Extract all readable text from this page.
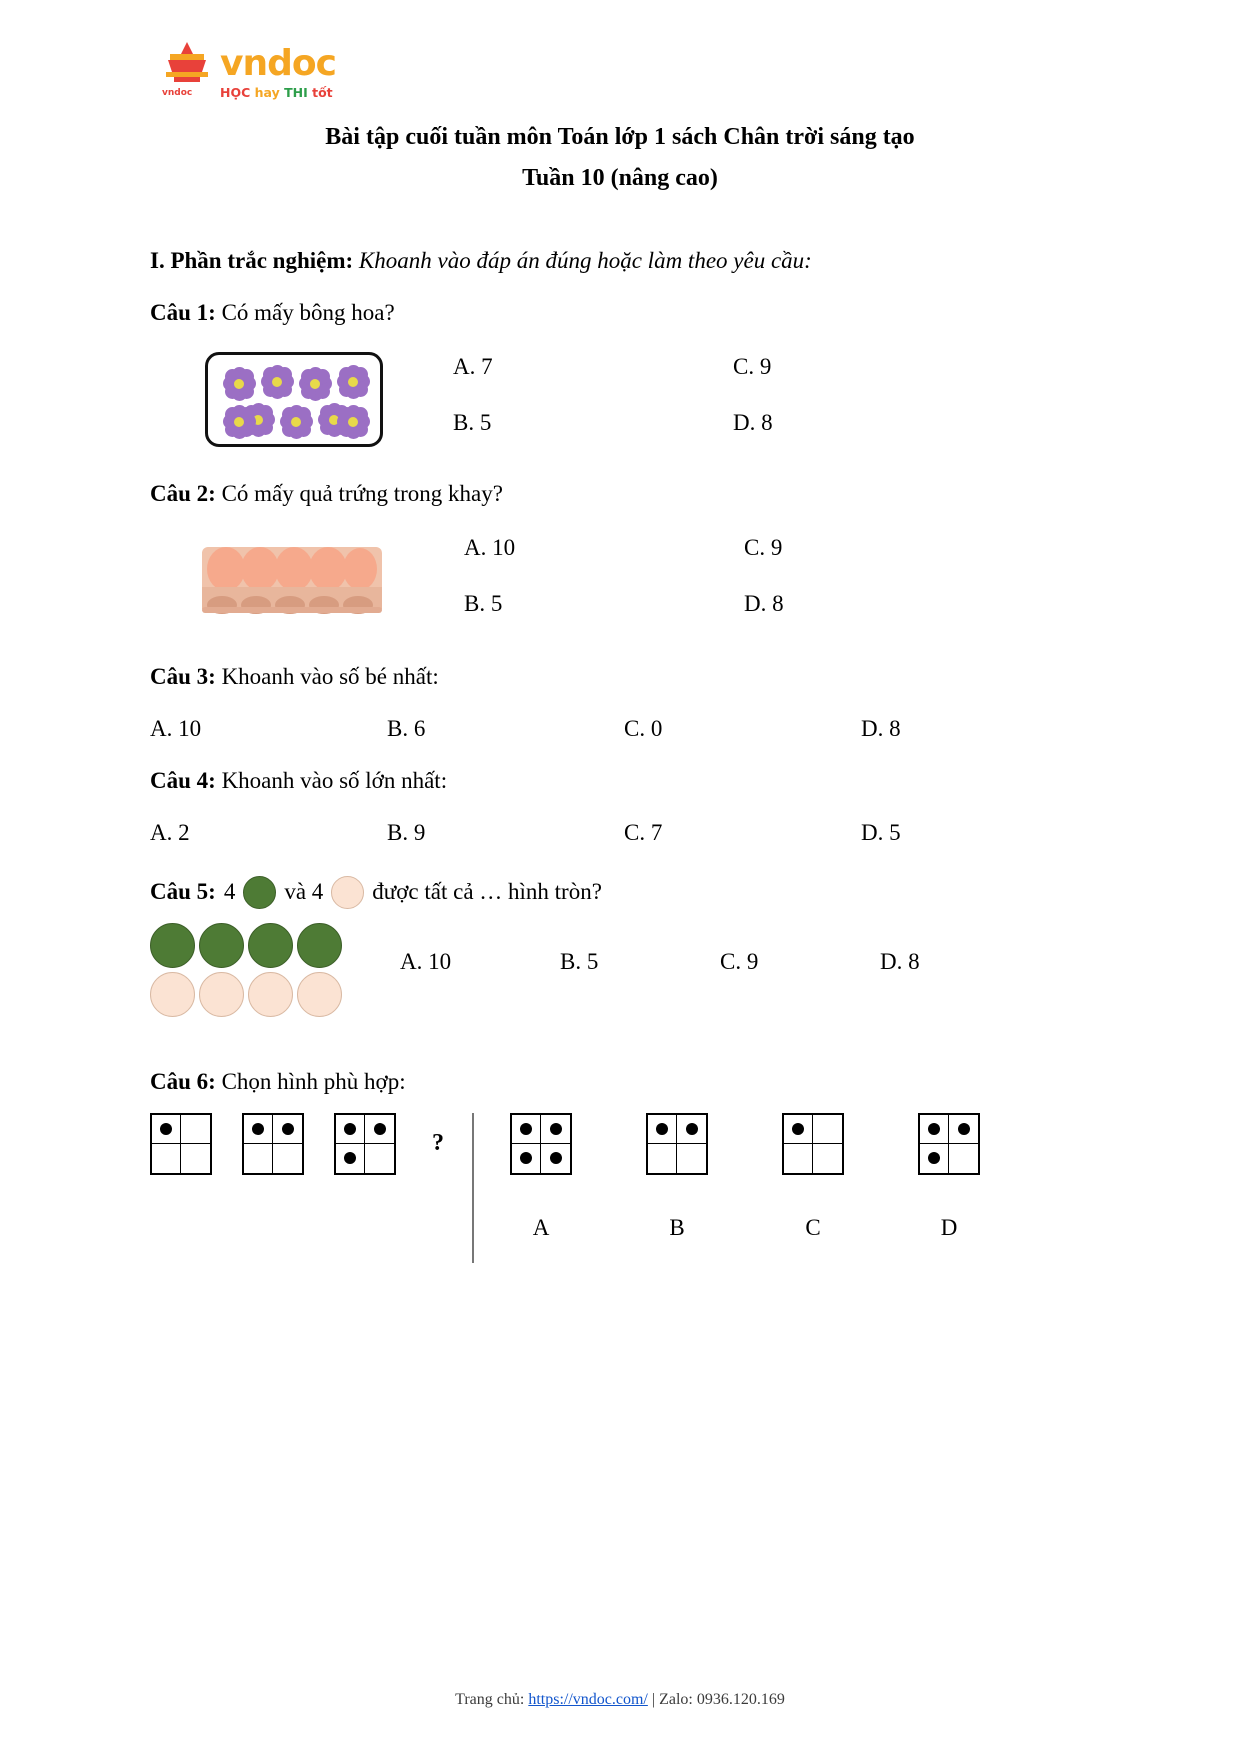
vndoc
vndoc
HỌC hay THI tốt
Bài tập cuối tuần môn Toán lớp 1 sách Chân trời sáng tạo
Tuần 10 (nâng cao)
I. Phần trắc nghiệm: Khoanh vào đáp án đúng hoặc làm theo yêu cầu:
Câu 1: Có mấy bông hoa?
A. 7	C. 9
B. 5	D. 8
Câu 2: Có mấy quả trứng trong khay?
A. 10	C. 9
B. 5	D. 8
Câu 3: Khoanh vào số bé nhất:
A. 10	B. 6	C. 0	D. 8
Câu 4: Khoanh vào số lớn nhất:
A. 2	B. 9	C. 7	D. 5
Câu 5: 4 và 4 được tất cả … hình tròn?
A. 10	B. 5	C. 9	D. 8
Câu 6: Chọn hình phù hợp:
?
A	B	C	D
Trang chủ: https://vndoc.com/ | Zalo: 0936.120.169
